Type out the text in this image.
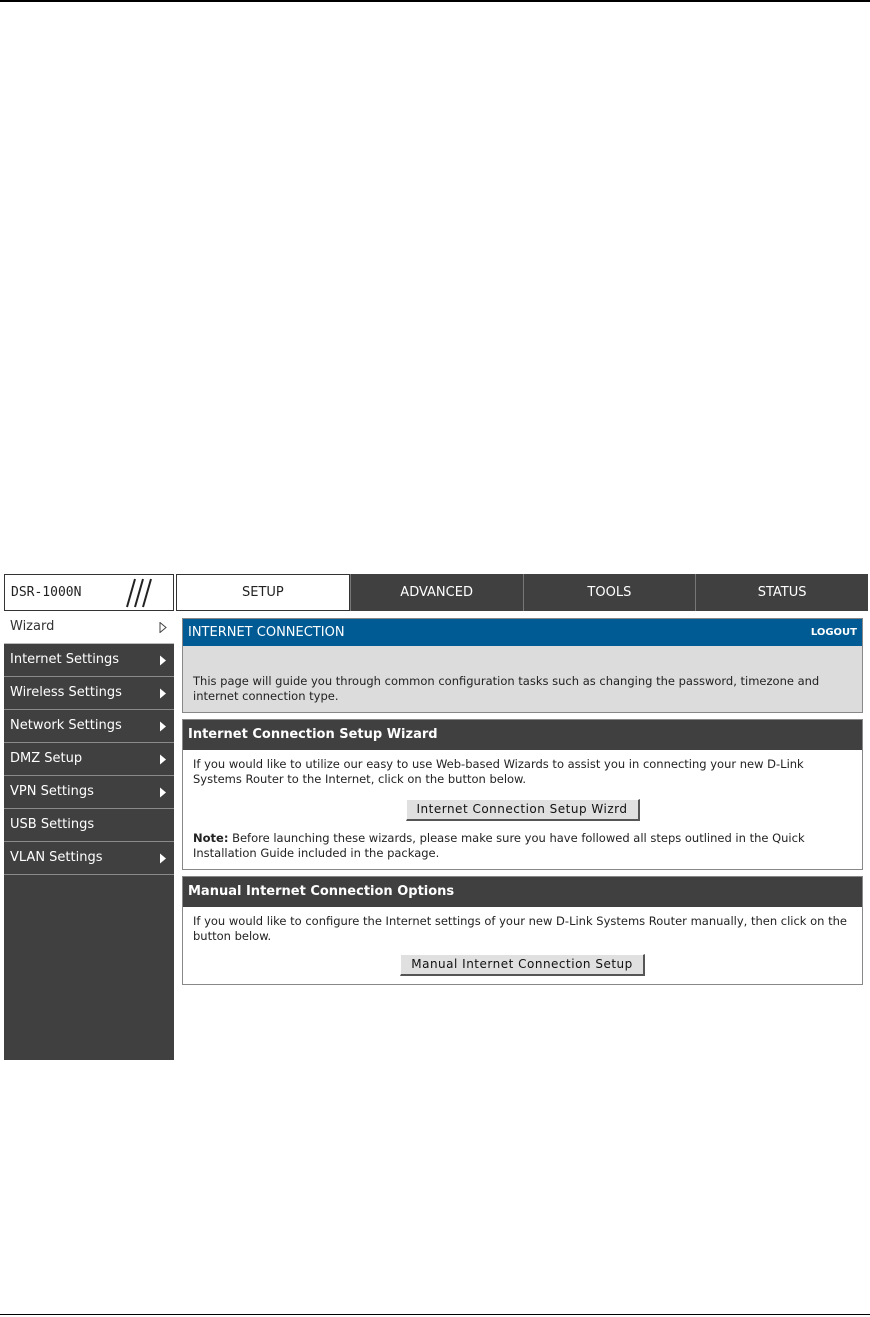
DSR-1000N	SETUP	ADVANCED	TOOLS	STATUS
Wizard
Internet Settings
Wireless Settings
Network Settings
DMZ Setup
VPN Settings
USB Settings
VLAN Settings
INTERNET CONNECTION	LOGOUT
This page will guide you through common configuration tasks such as changing the password, timezone and internet connection type.
Internet Connection Setup Wizard
If you would like to utilize our easy to use Web-based Wizards to assist you in connecting your new D-Link Systems Router to the Internet, click on the button below.
Internet Connection Setup Wizrd
Note: Before launching these wizards, please make sure you have followed all steps outlined in the Quick Installation Guide included in the package.
Manual Internet Connection Options
If you would like to configure the Internet settings of your new D-Link Systems Router manually, then click on the button below.
Manual Internet Connection Setup
